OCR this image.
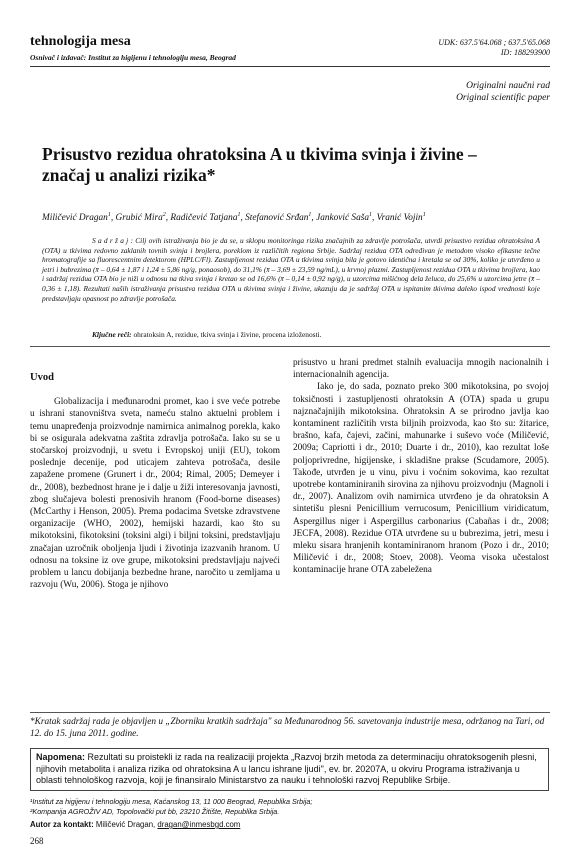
tehnologija mesa
Osnivač i izdavač: Institut za higijenu i tehnologiju mesa, Beograd
UDK: 637.5'64.068 ; 637.5'65.068
ID: 188293900
Originalni naučni rad
Original scientific paper
Prisustvo rezidua ohratoksina A u tkivima svinja i živine – značaj u analizi rizika*
Miličević Dragan$^1$, Grubić Mira$^2$, Radičević Tatjana$^1$, Stefanović Srđan$^1$, Janković Saša$^1$, Vranić Vojin$^1$
S a d r ž a j : Cilj ovih istraživanja bio je da se, u sklopu monitoringa rizika značajnih za zdravlje potrošača, utvrdi prisustvo rezidua ohratoksina A (OTA) u tkivima redovno zaklanih tovnih svinja i brojlera, poreklom iz različitih regiona Srbije. Sadržaj rezidua OTA određivan je metodom visoko efikasne tečne hromatografije sa fluorescentnim detektorom (HPLC/Fl). Zastupljenost rezidua OTA u tkivima svinja bila je gotovo identična i kretala se od 30%, koliko je utvrđeno u jetri i bubrezima (x̄ – 0,64 ± 1,87 i 1,24 ± 5,86 ng/g, ponaosob), do 31,1% (x̄ – 3,69 ± 23,59 ng/mL), u krvnoj plazmi. Zastupljenost rezidua OTA u tkivima brojlera, kao i sadržaj rezidua OTA bio je niži u odnosu na tkiva svinja i kretao se od 16,6% (x̄ – 0,14 ± 0,92 ng/g), u uzorcima mišićnog dela želuca, do 25,6% u uzorcima jetre (x̄ – 0,36 ± 1,18). Rezultati naših istraživanja prisustva rezidua OTA u tkivima svinja i živine, ukazuju da je sadržaj OTA u ispitanim tkivima daleko ispod vrednosti koje predstavljaju opasnost po zdravlje potrošača.
Ključne reči: ohratoksin A, rezidue, tkiva svinja i živine, procena izloženosti.
Uvod

Globalizacija i međunarodni promet, kao i sve veće potrebe u ishrani stanovništva sveta, nameću stalno aktuelni problem i temu unapređenja proizvodnje namirnica animalnog porekla, kako bi se osigurala adekvatna zaštita zdravlja potrošača. Iako su se u stočarskoj proizvodnji, u svetu i Evropskoj uniji (EU), tokom poslednje decenije, pod uticajem zahteva potrošača, desile zapažene promene (Grunert i dr., 2004; Rimal, 2005; Demeyer i dr., 2008), bezbednost hrane je i dalje u žiži interesovanja javnosti, zbog slučajeva bolesti prenosivih hranom (Food-borne diseases) (McCarthy i Henson, 2005). Prema podacima Svetske zdravstvene organizacije (WHO, 2002), hemijski hazardi, kao što su mikotoksini, fikotoksini (toksini algi) i biljni toksini, predstavljaju značajan uzročnik oboljenja ljudi i životinja izazvanih hranom. U odnosu na toksine iz ove grupe, mikotoksini predstavljaju najveći problem u lancu dobijanja bezbedne hrane, naročito u zemljama u razvoju (Wu, 2006). Stoga je njihovo

prisustvo u hrani predmet stalnih evaluacija mnogih nacionalnih i internacionalnih agencija.

Iako je, do sada, poznato preko 300 mikotoksina, po svojoj toksičnosti i zastupljenosti ohratoksin A (OTA) spada u grupu najznačajnijih mikotoksina. Ohratoksin A se prirodno javlja kao kontaminent različitih vrsta biljnih proizvoda, kao što su: žitarice, brašno, kafa, čajevi, začini, mahunarke i suševo voće (Miličević, 2009a; Capriotti i dr., 2010; Duarte i dr., 2010), kao rezultat loše poljoprivredne, higijenske, i skladišne prakse (Scudamore, 2005). Takođe, utvrđen je u vinu, pivu i voćnim sokovima, kao rezultat upotrebe kontaminiranih sirovina za njihovu proizvodnju (Magnoli i dr., 2007). Analizom ovih namirnica utvrđeno je da ohratoksin A sintetišu plesni Penicillium verrucosum, Penicillium viridicatum, Aspergillus niger i Aspergillus carbonarius (Cabañas i dr., 2008; JECFA, 2008). Rezidue OTA utvrđene su u bubrezima, jetri, mesu i mleku sisara hranjenih kontaminiranom hranom (Pozo i dr., 2010; Miličević i dr., 2008; Stoev, 2008). Veoma visoka učestalost kontaminacije hrane OTA zabeležena

*Kratak sadržaj rada je objavljen u „Zborniku kratkih sadržaja" sa Međunarodnog 56. savetovanja industrije mesa, održanog na Tari, od 12. do 15. juna 2011. godine.
Napomena: Rezultati su proistekli iz rada na realizaciji projekta „Razvoj brzih metoda za determinaciju ohratoksogenih plesni, njihovih metabolita i analiza rizika od ohratoksina A u lancu ishrane ljudi", ev. br. 20207A, u okviru Programa istraživanja u oblasti tehnološkog razvoja, koji je finansiralo Ministarstvo za nauku i tehnološki razvoj Republike Srbije.
¹Institut za higijenu i tehnologiju mesa, Kaćanskog 13, 11 000 Beograd, Republika Srbija;
²Kompanija AGROŽIV AD, Topolovački put bb, 23210 Žitište, Republika Srbija.
Autor za kontakt: Miličević Dragan, dragan@inmesbgd.com
268
